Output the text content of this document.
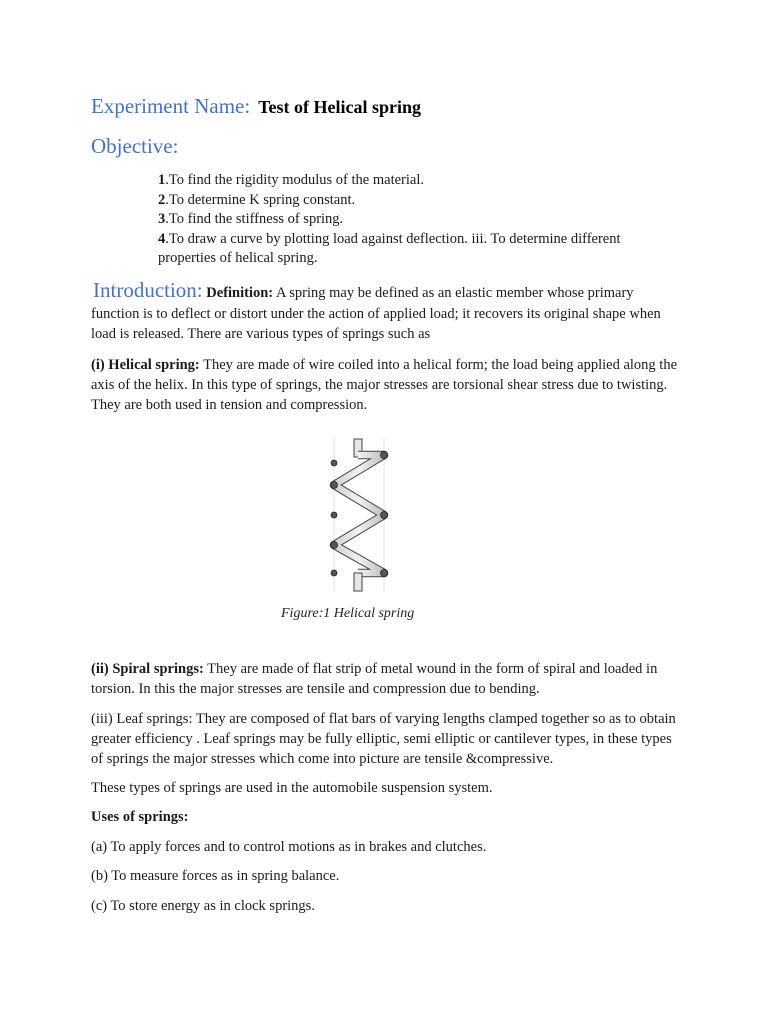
Experiment Name: Test of Helical spring
Objective:
1.To find the rigidity modulus of the material.
2.To determine K spring constant.
3.To find the stiffness of spring.
4.To draw a curve by plotting load against deflection. iii. To determine different properties of helical spring.
Introduction: Definition: A spring may be defined as an elastic member whose primary function is to deflect or distort under the action of applied load; it recovers its original shape when load is released. There are various types of springs such as

(i) Helical spring: They are made of wire coiled into a helical form; the load being applied along the axis of the helix. In this type of springs, the major stresses are torsional shear stress due to twisting. They are both used in tension and compression.

Figure:1 Helical spring

(ii) Spiral springs: They are made of flat strip of metal wound in the form of spiral and loaded in torsion. In this the major stresses are tensile and compression due to bending.

(iii) Leaf springs: They are composed of flat bars of varying lengths clamped together so as to obtain greater efficiency . Leaf springs may be fully elliptic, semi elliptic or cantilever types, in these types of springs the major stresses which come into picture are tensile &compressive.

These types of springs are used in the automobile suspension system.

Uses of springs:

(a) To apply forces and to control motions as in brakes and clutches.

(b) To measure forces as in spring balance.

(c) To store energy as in clock springs.
